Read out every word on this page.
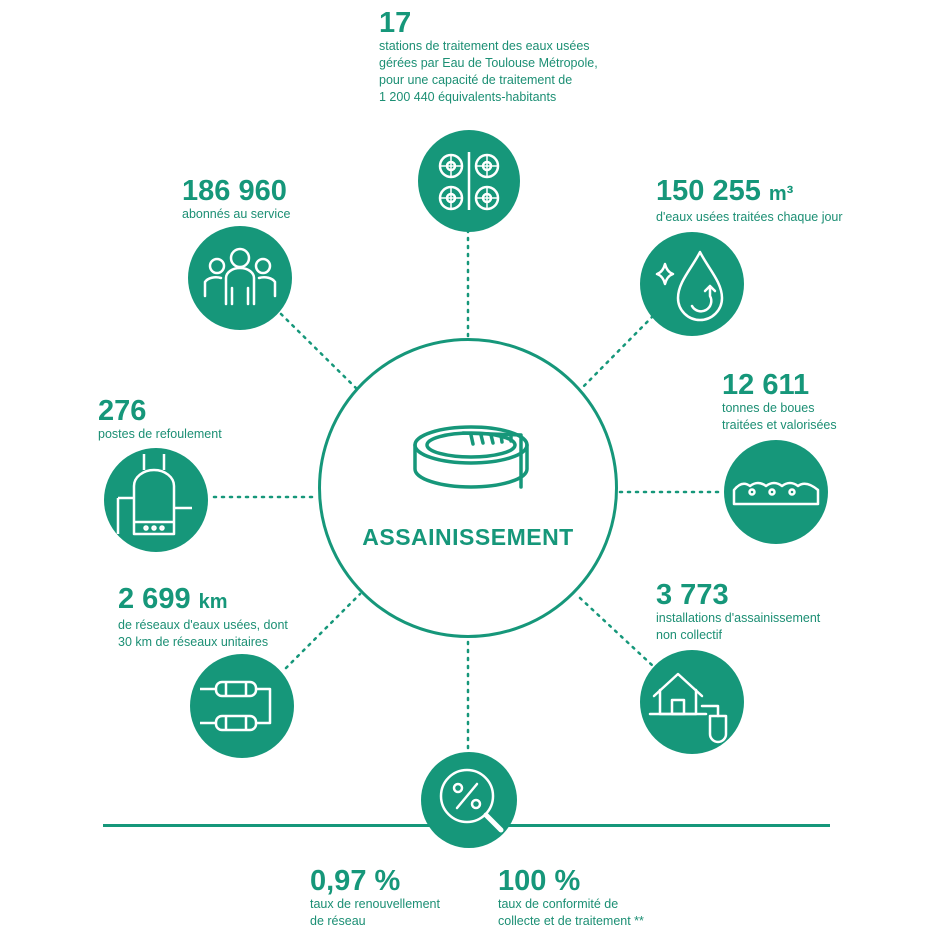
ASSAINISSEMENT
17
stations de traitement des eaux usées
gérées par Eau de Toulouse Métropole,
pour une capacité de traitement de
1 200 440 équivalents-habitants
186 960
abonnés au service
150 255 m³
d'eaux usées traitées chaque jour
12 611
tonnes de boues
traitées et valorisées
276
postes de refoulement
2 699 km
de réseaux d'eaux usées, dont
30 km de réseaux unitaires
3 773
installations d'assainissement
non collectif
0,97 %
taux de renouvellement
de réseau
100 %
taux de conformité de
collecte et de traitement **
